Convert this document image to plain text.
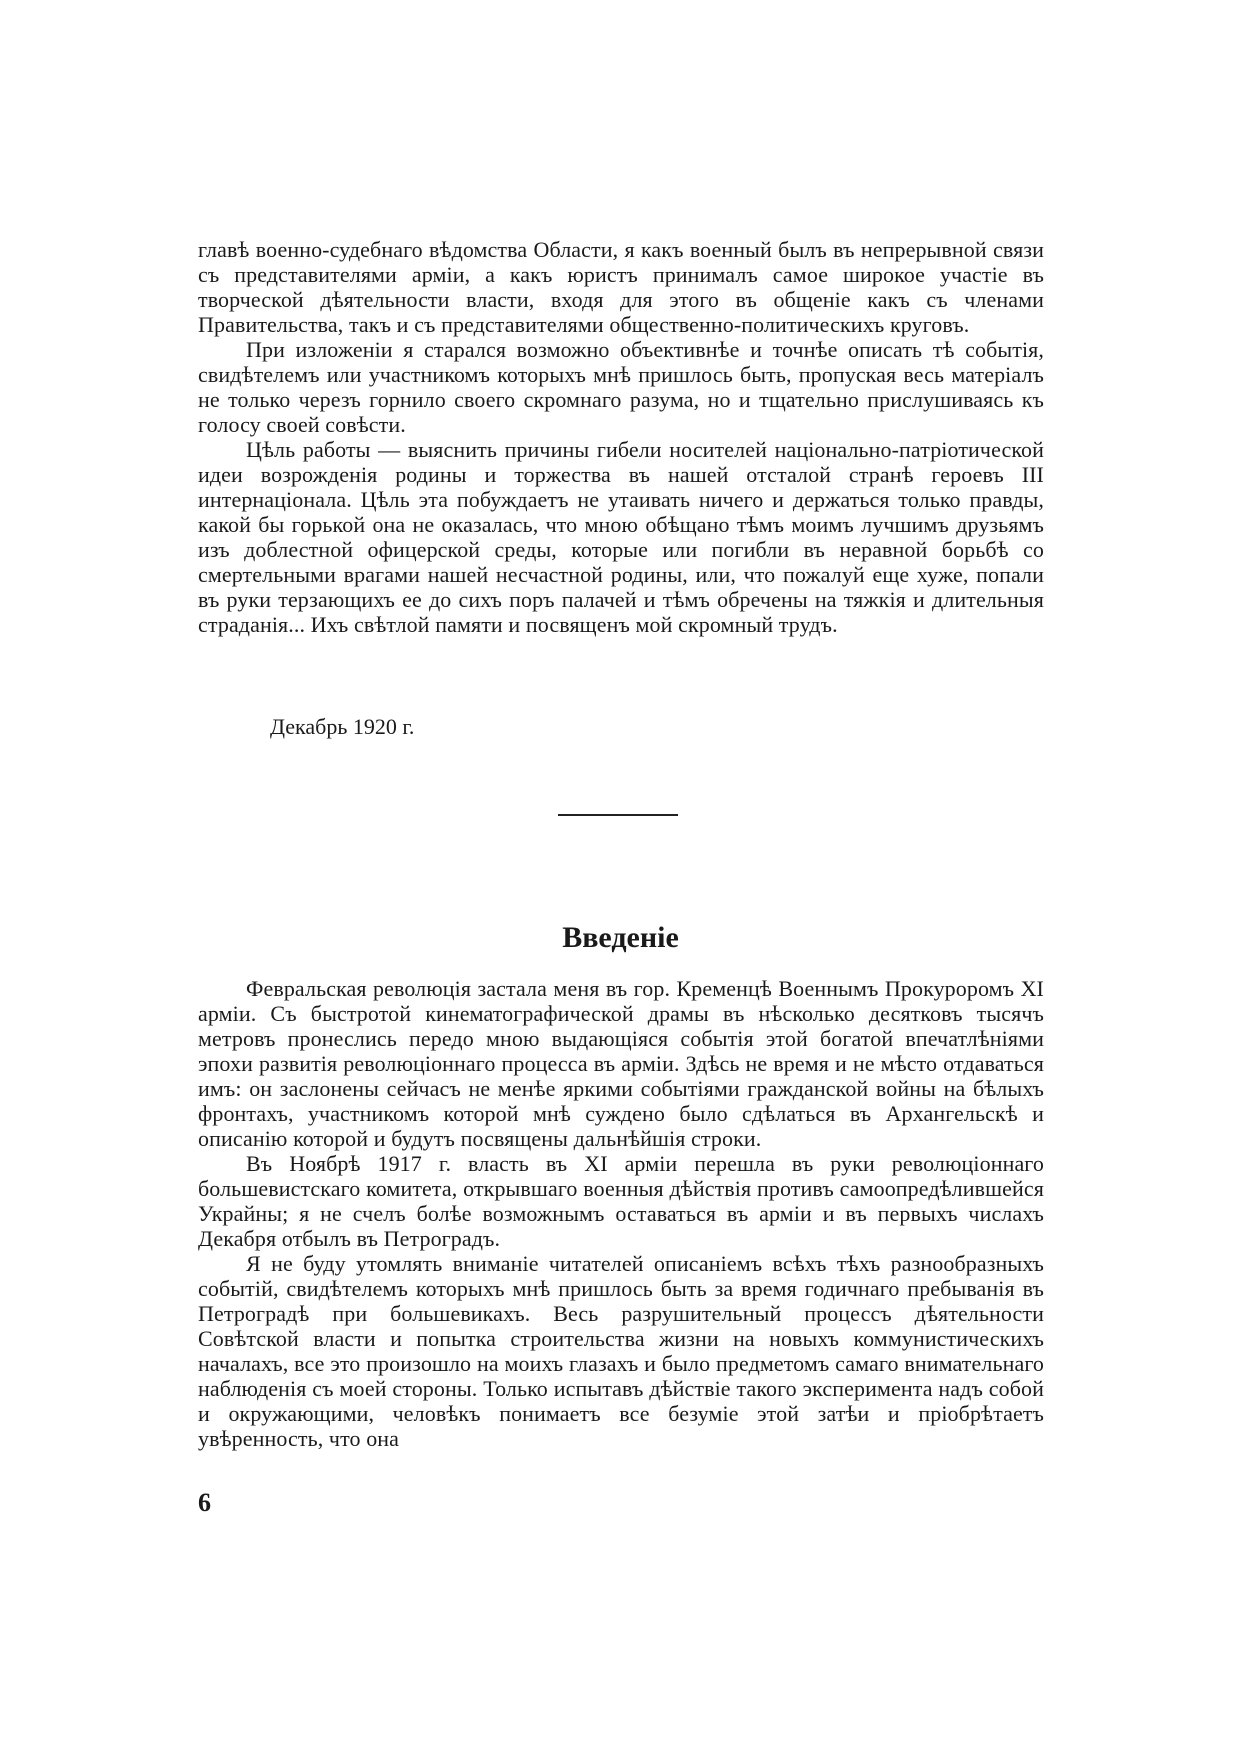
главѣ военно-судебнаго вѣдомства Области, я какъ военный былъ въ непрерывной связи съ представителями арміи, а какъ юристъ принималъ самое широкое участіе въ творческой дѣятельности власти, входя для этого въ общеніе какъ съ членами Правительства, такъ и съ представителями общественно-политическихъ круговъ.

При изложеніи я старался возможно объективнѣе и точнѣе описать тѣ событія, свидѣтелемъ или участникомъ которыхъ мнѣ пришлось быть, пропуская весь матеріалъ не только черезъ горнило своего скромнаго разума, но и тщательно прислушиваясь къ голосу своей совѣсти.

Цѣль работы — выяснить причины гибели носителей національно-патріотической идеи возрожденія родины и торжества въ нашей отсталой странѣ героевъ III интернаціонала. Цѣль эта побуждаетъ не утаивать ничего и держаться только правды, какой бы горькой она не оказалась, что мною обѣщано тѣмъ моимъ лучшимъ друзьямъ изъ доблестной офицерской среды, которые или погибли въ неравной борьбѣ со смертельными врагами нашей несчастной родины, или, что пожалуй еще хуже, попали въ руки терзающихъ ее до сихъ поръ палачей и тѣмъ обречены на тяжкія и длительныя страданія... Ихъ свѣтлой памяти и посвященъ мой скромный трудъ.

Декабрь 1920 г.
Введеніе

Февральская революція застала меня въ гор. Кременцѣ Военнымъ Прокуроромъ XI арміи. Съ быстротой кинематографической драмы въ нѣсколько десятковъ тысячъ метровъ пронеслись передо мною выдающіяся событія этой богатой впечатлѣніями эпохи развитія революціоннаго процесса въ арміи. Здѣсь не время и не мѣсто отдаваться имъ: он заслонены сейчасъ не менѣе яркими событіями гражданской войны на бѣлыхъ фронтахъ, участникомъ которой мнѣ суждено было сдѣлаться въ Архангельскѣ и описанію которой и будутъ посвящены дальнѣйшія строки.

Въ Ноябрѣ 1917 г. власть въ XI арміи перешла въ руки революціоннаго большевистскаго комитета, открывшаго военныя дѣйствія противъ самоопредѣлившейся Украйны; я не счелъ болѣе возможнымъ оставаться въ арміи и въ первыхъ числахъ Декабря отбылъ въ Петроградъ.

Я не буду утомлять вниманіе читателей описаніемъ всѣхъ тѣхъ разнообразныхъ событій, свидѣтелемъ которыхъ мнѣ пришлось быть за время годичнаго пребыванія въ Петроградѣ при большевикахъ. Весь разрушительный процессъ дѣятельности Совѣтской власти и попытка строительства жизни на новыхъ коммунистическихъ началахъ, все это произошло на моихъ глазахъ и было предметомъ самаго внимательнаго наблюденія съ моей стороны. Только испытавъ дѣйствіе такого эксперимента надъ собой и окружающими, человѣкъ понимаетъ все безуміе этой затѣи и пріобрѣтаетъ увѣренность, что она

6
